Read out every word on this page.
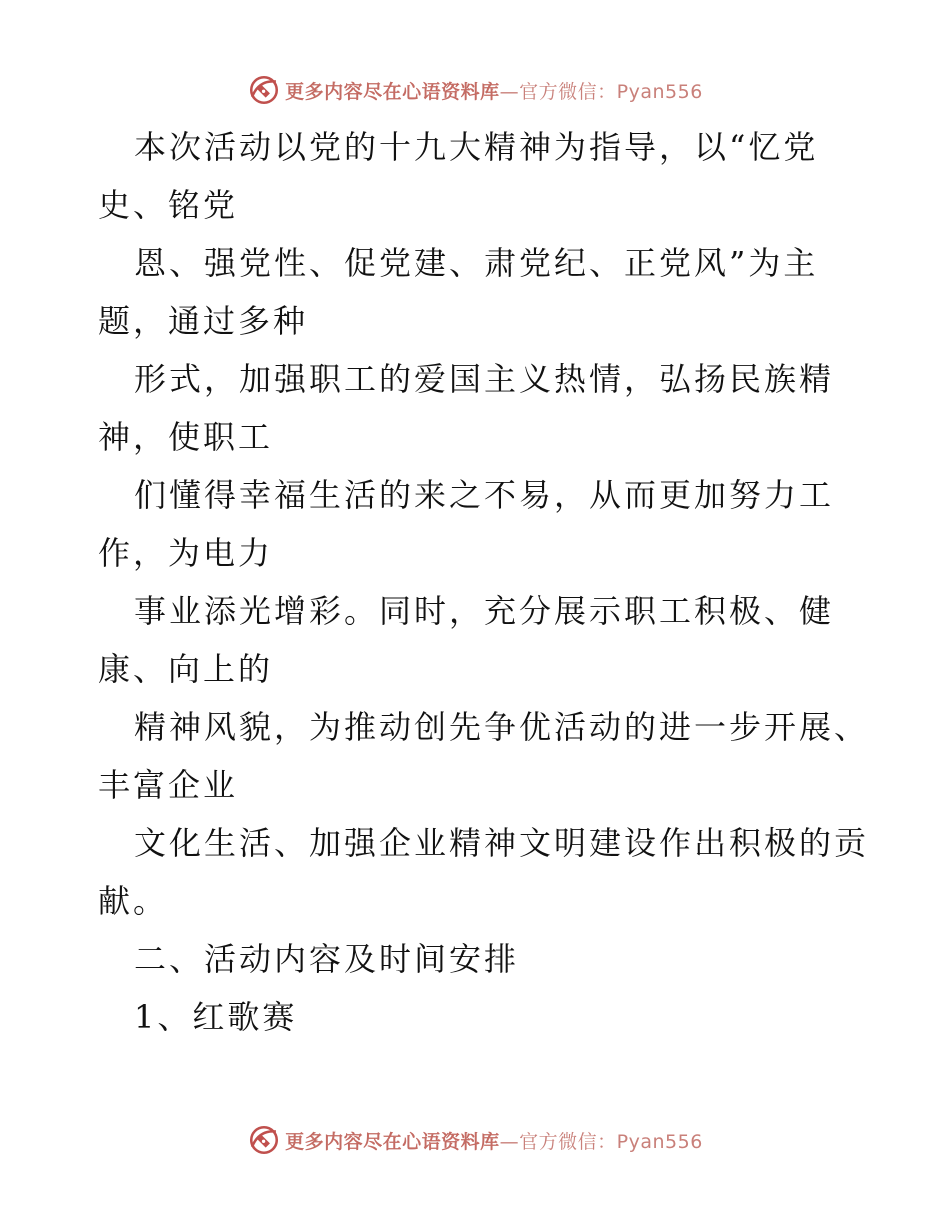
更多内容尽在心语资料库—官方微信：Pyan556
本次活动以党的十九大精神为指导，以“忆党
史、铭党
恩、强党性、促党建、肃党纪、正党风”为主
题，通过多种
形式，加强职工的爱国主义热情，弘扬民族精
神，使职工
们懂得幸福生活的来之不易，从而更加努力工
作，为电力
事业添光增彩。同时，充分展示职工积极、健
康、向上的
精神风貌，为推动创先争优活动的进一步开展、
丰富企业
文化生活、加强企业精神文明建设作出积极的贡
献。
二、活动内容及时间安排
1、红歌赛
更多内容尽在心语资料库—官方微信：Pyan556
